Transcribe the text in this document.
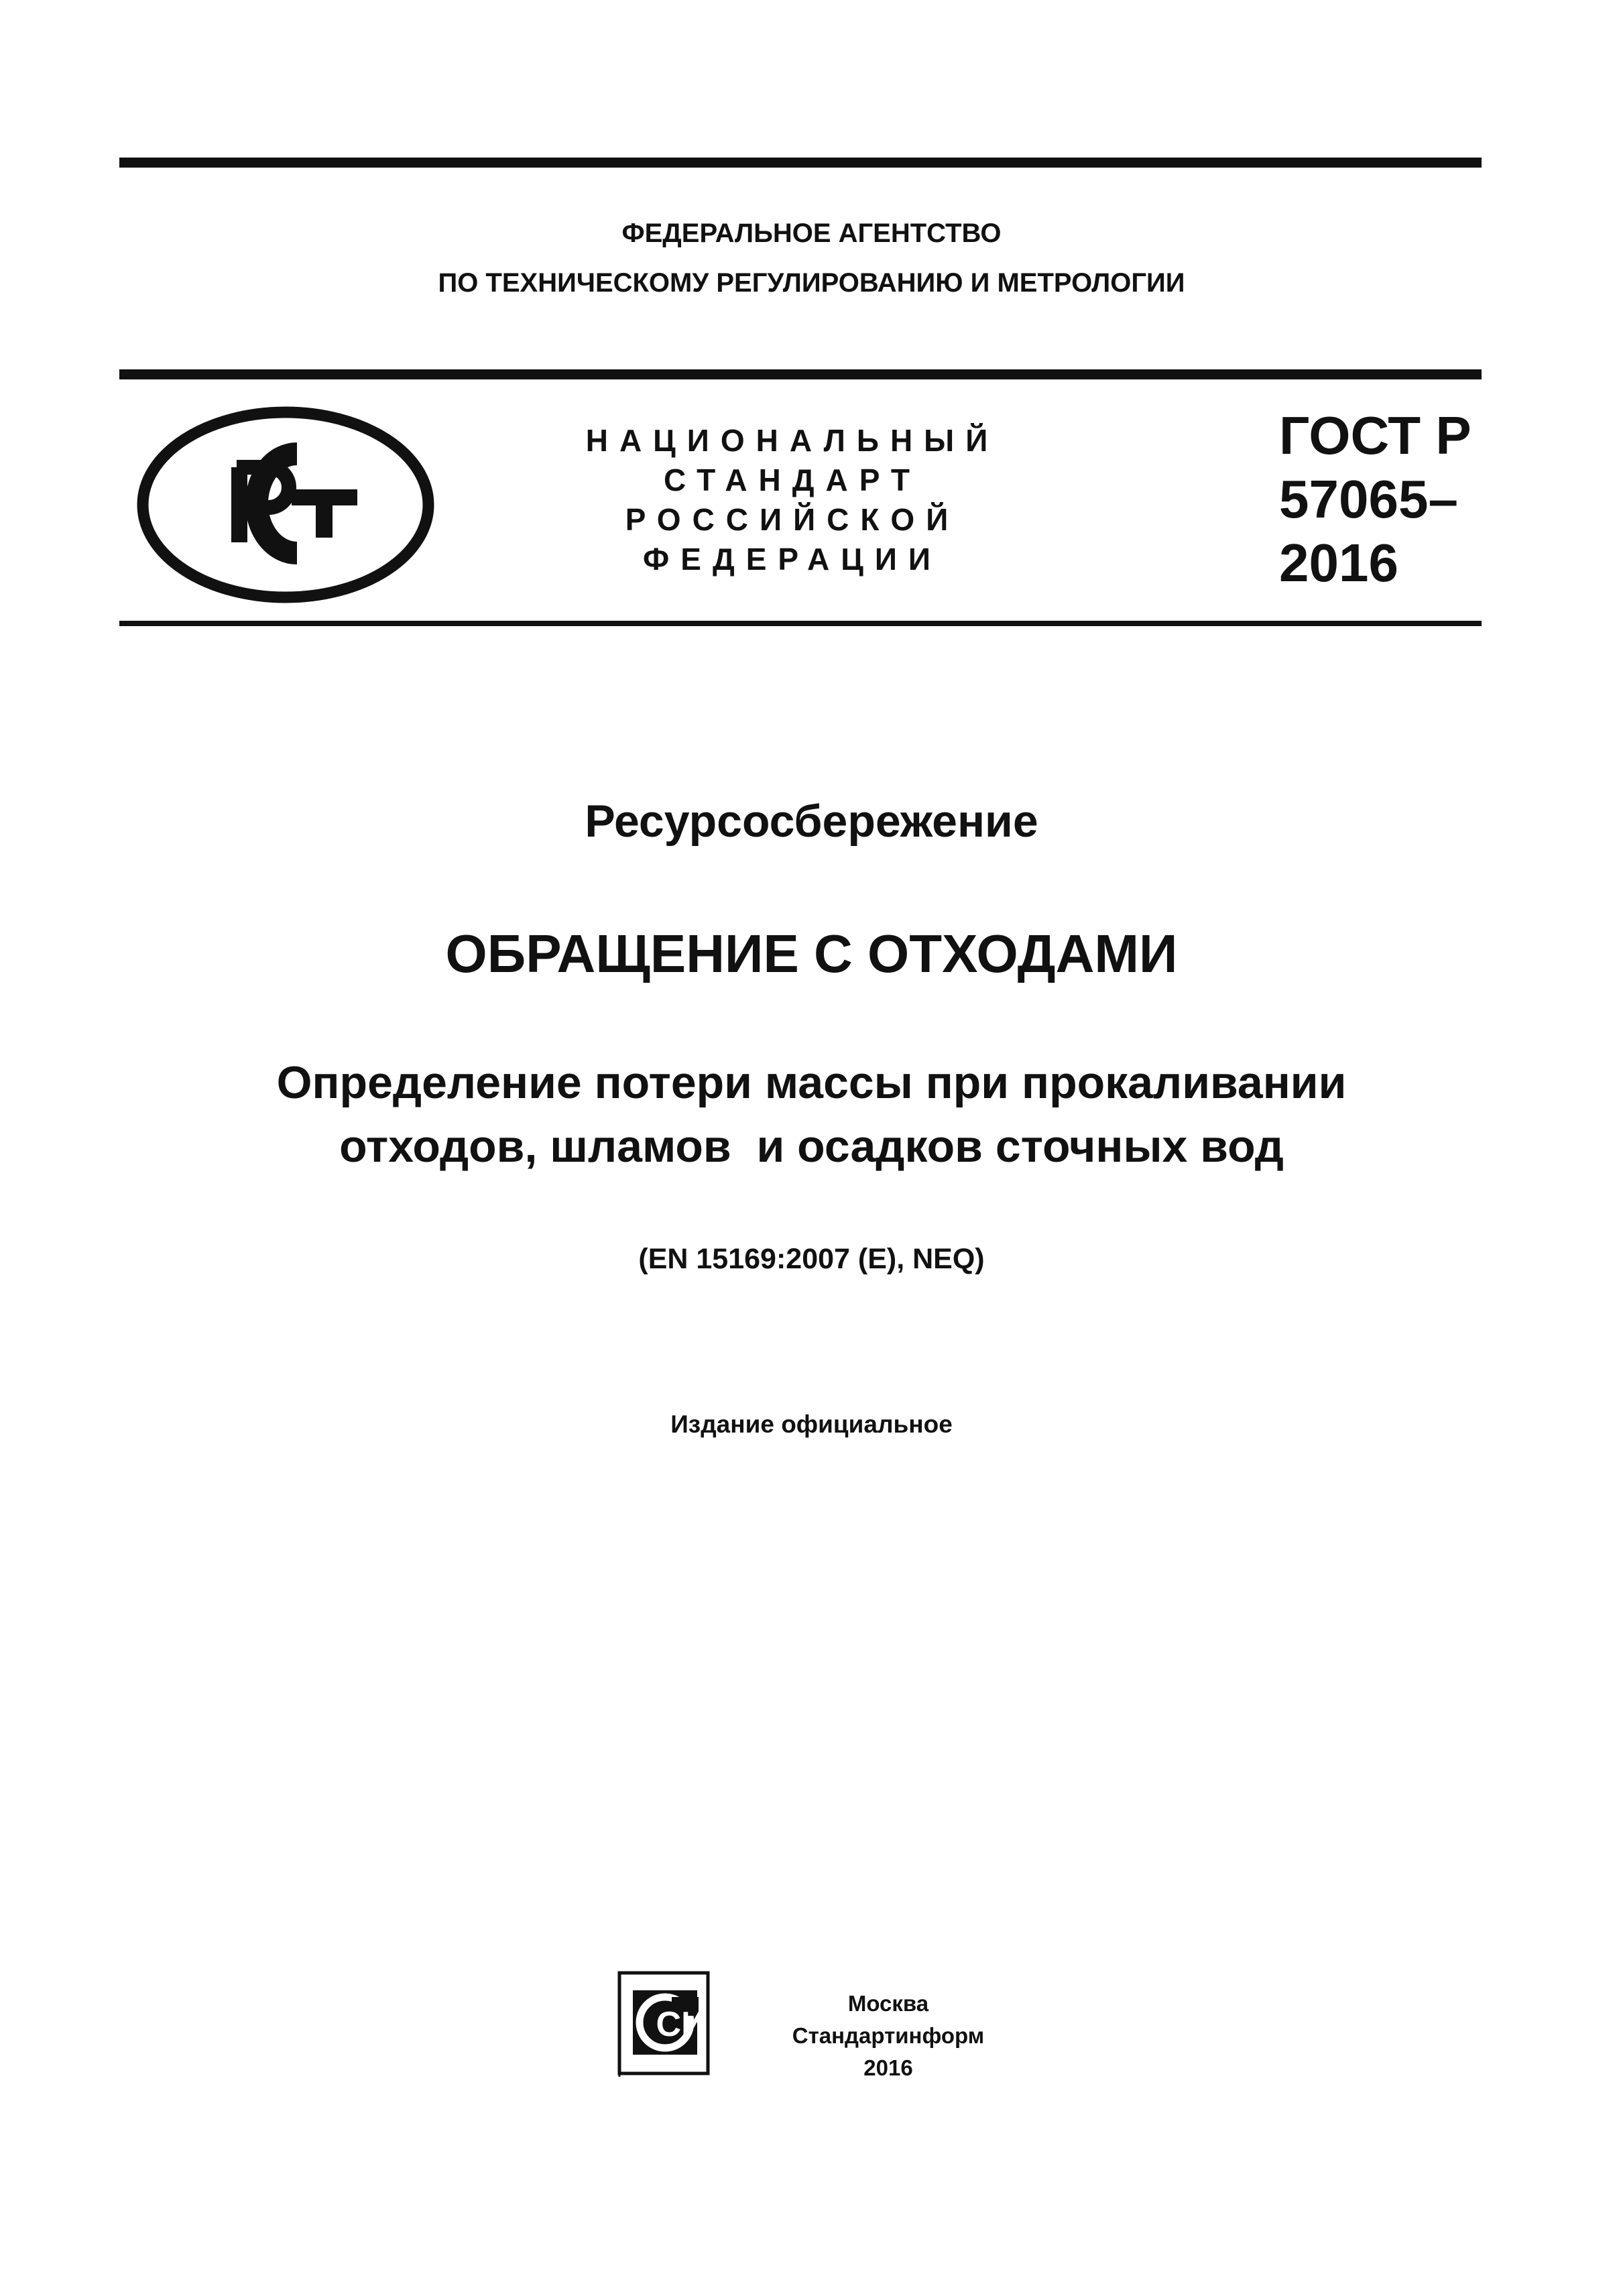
ФЕДЕРАЛЬНОЕ АГЕНТСТВО
ПО ТЕХНИЧЕСКОМУ РЕГУЛИРОВАНИЮ И МЕТРОЛОГИИ
НАЦИОНАЛЬНЫЙ
СТАНДАРТ
РОССИЙСКОЙ
ФЕДЕРАЦИИ
ГОСТ Р
57065–
2016
Ресурсосбережение
ОБРАЩЕНИЕ С ОТХОДАМИ
Определение потери массы при прокаливании
отходов, шламов  и осадков сточных вод
(EN 15169:2007 (E), NEQ)
Издание официальное
СИ
Москва
Стандартинформ
2016
